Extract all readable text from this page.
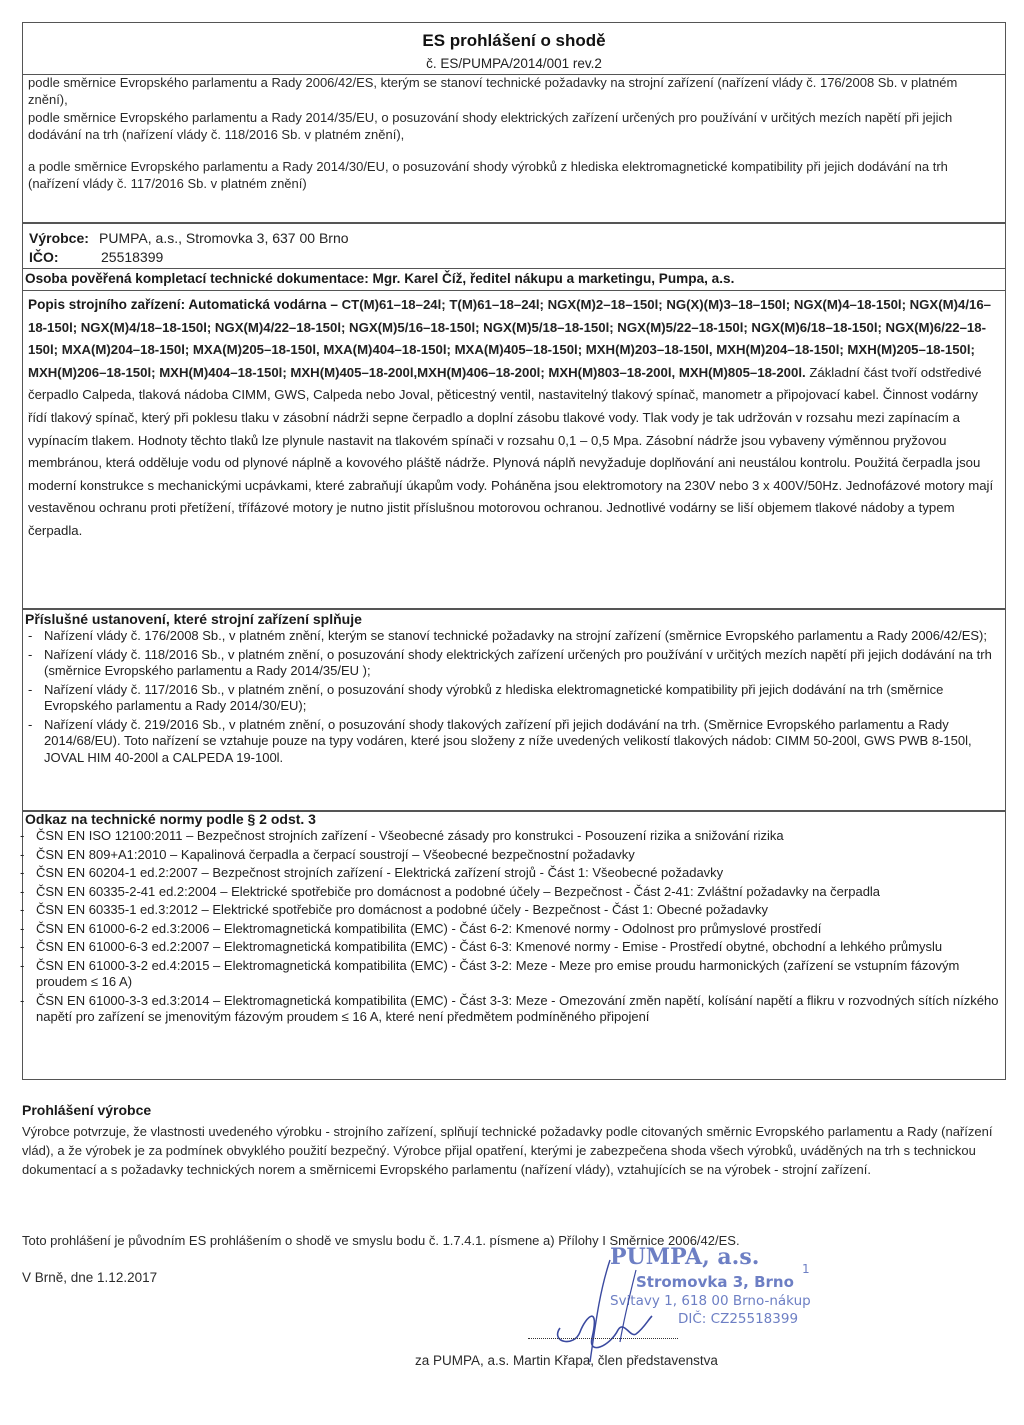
ES prohlášení o shodě
č. ES/PUMPA/2014/001 rev.2
podle směrnice Evropského parlamentu a Rady 2006/42/ES, kterým se stanoví technické požadavky na strojní zařízení (nařízení vlády č. 176/2008 Sb. v platném znění),
podle směrnice Evropského parlamentu a Rady 2014/35/EU, o posuzování shody elektrických zařízení určených pro používání v určitých mezích napětí při jejich dodávání na trh (nařízení vlády č. 118/2016 Sb. v platném znění),
a podle směrnice Evropského parlamentu a Rady 2014/30/EU, o posuzování shody výrobků z hlediska elektromagnetické kompatibility při jejich dodávání na trh (nařízení vlády č. 117/2016 Sb. v platném znění)
Výrobce: PUMPA, a.s., Stromovka 3, 637 00 Brno
IČO:	25518399
Osoba pověřená kompletací technické dokumentace: Mgr. Karel Číž, ředitel nákupu a marketingu, Pumpa, a.s.
Popis strojního zařízení: Automatická vodárna – CT(M)61–18–24l; T(M)61–18–24l; NGX(M)2–18–150l; NG(X)(M)3–18–150l; NGX(M)4–18-150l; NGX(M)4/16–18-150l; NGX(M)4/18–18-150l; NGX(M)4/22–18-150l; NGX(M)5/16–18-150l; NGX(M)5/18–18-150l; NGX(M)5/22–18-150l; NGX(M)6/18–18-150l; NGX(M)6/22–18-150l; MXA(M)204–18-150l; MXA(M)205–18-150l, MXA(M)404–18-150l; MXA(M)405–18-150l; MXH(M)203–18-150l, MXH(M)204–18-150l; MXH(M)205–18-150l; MXH(M)206–18-150l; MXH(M)404–18-150l; MXH(M)405–18-200l,MXH(M)406–18-200l; MXH(M)803–18-200l, MXH(M)805–18-200l. Základní část tvoří odstředivé čerpadlo Calpeda, tlaková nádoba CIMM, GWS, Calpeda nebo Joval, pěticestný ventil, nastavitelný tlakový spínač, manometr a připojovací kabel. Činnost vodárny řídí tlakový spínač, který při poklesu tlaku v zásobní nádrži sepne čerpadlo a doplní zásobu tlakové vody. Tlak vody je tak udržován v rozsahu mezi zapínacím a vypínacím tlakem. Hodnoty těchto tlaků lze plynule nastavit na tlakovém spínači v rozsahu 0,1 – 0,5 Mpa. Zásobní nádrže jsou vybaveny výměnnou pryžovou membránou, která odděluje vodu od plynové náplně a kovového pláště nádrže. Plynová náplň nevyžaduje doplňování ani neustálou kontrolu. Použitá čerpadla jsou moderní konstrukce s mechanickými ucpávkami, které zabraňují úkapům vody. Poháněna jsou elektromotory na 230V nebo 3 x 400V/50Hz. Jednofázové motory mají vestavěnou ochranu proti přetížení, třífázové motory je nutno jistit příslušnou motorovou ochranou. Jednotlivé vodárny se liší objemem tlakové nádoby a typem čerpadla.
Příslušné ustanovení, které strojní zařízení splňuje
- Nařízení vlády č. 176/2008 Sb., v platném znění, kterým se stanoví technické požadavky na strojní zařízení (směrnice Evropského parlamentu a Rady 2006/42/ES);
- Nařízení vlády č. 118/2016 Sb., v platném znění, o posuzování shody elektrických zařízení určených pro používání v určitých mezích napětí při jejich dodávání na trh (směrnice Evropského parlamentu a Rady 2014/35/EU );
- Nařízení vlády č. 117/2016 Sb., v platném znění, o posuzování shody výrobků z hlediska elektromagnetické kompatibility při jejich dodávání na trh (směrnice Evropského parlamentu a Rady 2014/30/EU);
- Nařízení vlády č. 219/2016 Sb., v platném znění, o posuzování shody tlakových zařízení při jejich dodávání na trh. (Směrnice Evropského parlamentu a Rady 2014/68/EU). Toto nařízení se vztahuje pouze na typy vodáren, které jsou složeny z níže uvedených velikostí tlakových nádob: CIMM 50-200l, GWS PWB 8-150l, JOVAL HIM 40-200l a CALPEDA 19-100l.
Odkaz na technické normy podle § 2 odst. 3
- ČSN EN ISO 12100:2011 – Bezpečnost strojních zařízení - Všeobecné zásady pro konstrukci - Posouzení rizika a snižování rizika
- ČSN EN 809+A1:2010 – Kapalinová čerpadla a čerpací soustrojí – Všeobecné bezpečnostní požadavky
- ČSN EN 60204-1 ed.2:2007 – Bezpečnost strojních zařízení - Elektrická zařízení strojů - Část 1: Všeobecné požadavky
- ČSN EN 60335-2-41 ed.2:2004 – Elektrické spotřebiče pro domácnost a podobné účely – Bezpečnost - Část 2-41: Zvláštní požadavky na čerpadla
- ČSN EN 60335-1 ed.3:2012 – Elektrické spotřebiče pro domácnost a podobné účely - Bezpečnost - Část 1: Obecné požadavky
- ČSN EN 61000-6-2 ed.3:2006 – Elektromagnetická kompatibilita (EMC) - Část 6-2: Kmenové normy - Odolnost pro průmyslové prostředí
- ČSN EN 61000-6-3 ed.2:2007 – Elektromagnetická kompatibilita (EMC) - Část 6-3: Kmenové normy - Emise - Prostředí obytné, obchodní a lehkého průmyslu
- ČSN EN 61000-3-2 ed.4:2015 – Elektromagnetická kompatibilita (EMC) - Část 3-2: Meze - Meze pro emise proudu harmonických (zařízení se vstupním fázovým proudem ≤ 16 A)
- ČSN EN 61000-3-3 ed.3:2014 – Elektromagnetická kompatibilita (EMC) - Část 3-3: Meze - Omezování změn napětí, kolísání napětí a flikru v rozvodných sítích nízkého napětí pro zařízení se jmenovitým fázovým proudem ≤ 16 A, které není předmětem podmíněného připojení
Prohlášení výrobce
Výrobce potvrzuje, že vlastnosti uvedeného výrobku - strojního zařízení, splňují technické požadavky podle citovaných směrnic Evropského parlamentu a Rady (nařízení vlád), a že výrobek je za podmínek obvyklého použití bezpečný. Výrobce přijal opatření, kterými je zabezpečena shoda všech výrobků, uváděných na trh s technickou dokumentací a s požadavky technických norem a směrnicemi Evropského parlamentu (nařízení vlády), vztahujících se na výrobek - strojní zařízení.
Toto prohlášení je původním ES prohlášením o shodě ve smyslu bodu č. 1.7.4.1. písmene a) Přílohy I Směrnice 2006/42/ES.
V Brně, dne 1.12.2017
PUMPA, a.s.	1
Stromovka 3, Brno
Svitavy 1, 618 00 Brno-nákup
DIČ: CZ25518399
za PUMPA, a.s. Martin Křapa, člen představenstva
